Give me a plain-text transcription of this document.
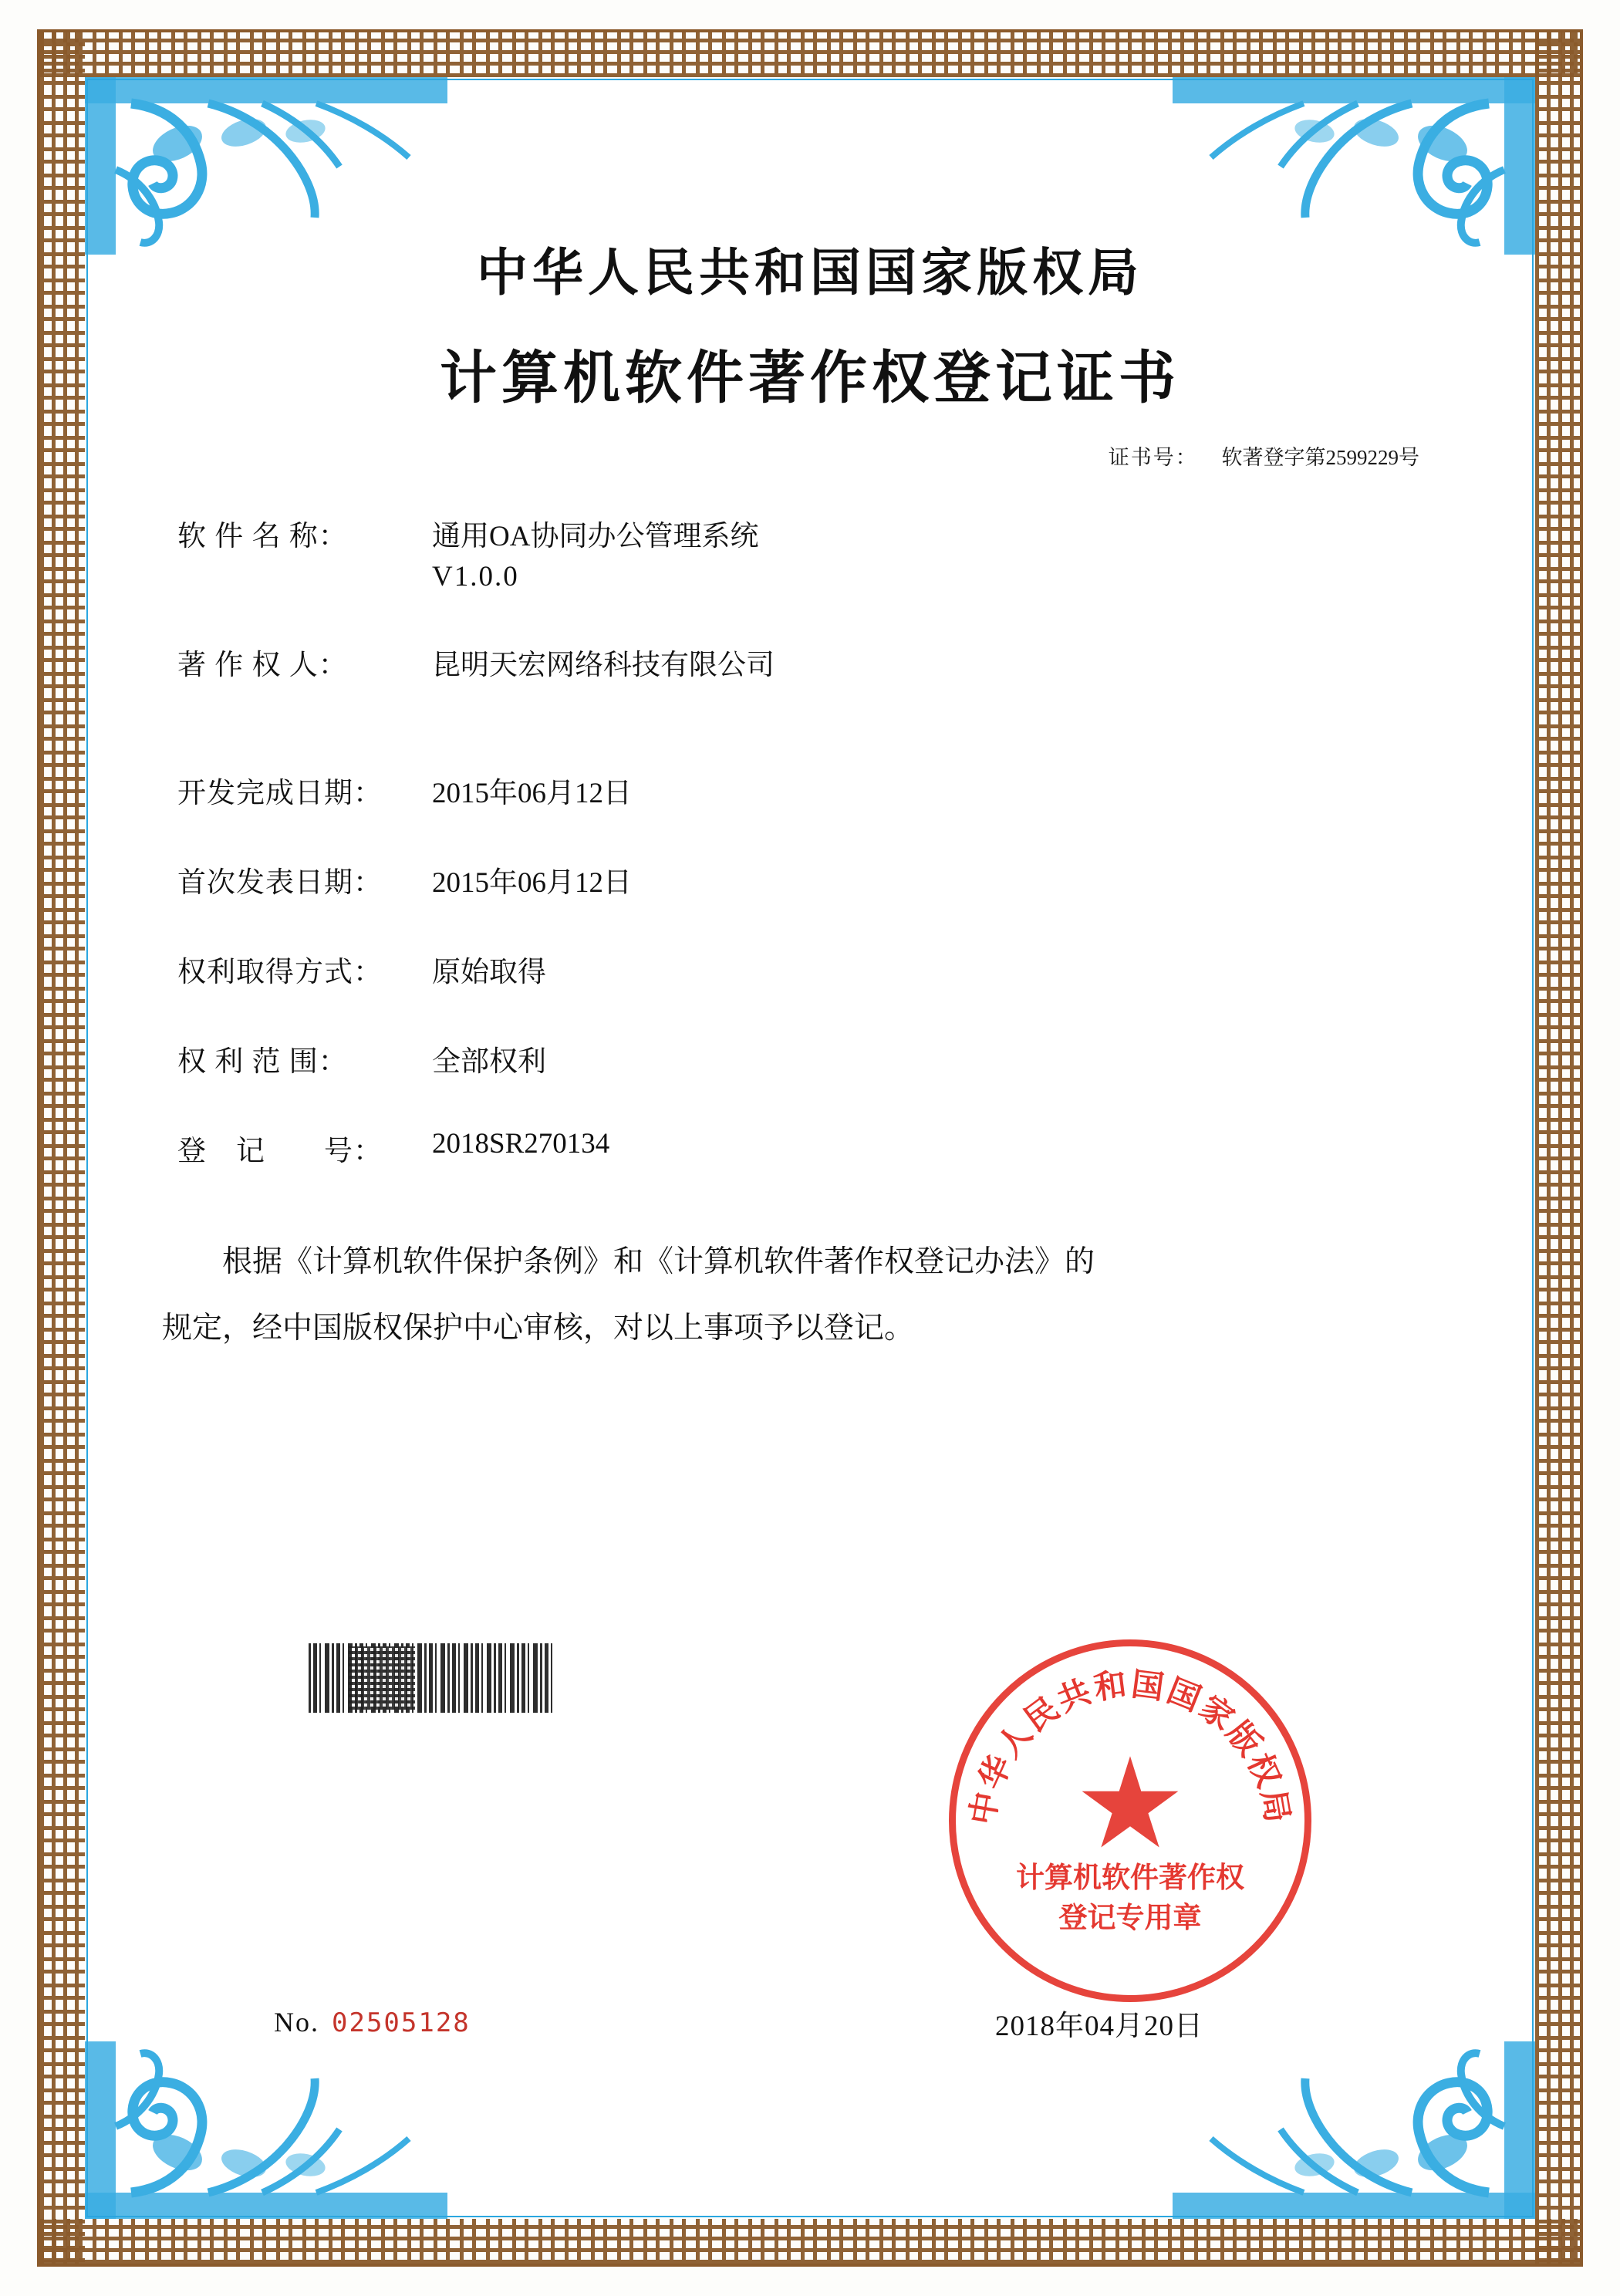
中华人民共和国国家版权局
计算机软件著作权登记证书
证书号： 软著登字第2599229号
软 件 名 称：	通用OA协同办公管理系统
V1.0.0
著 作 权 人：	昆明天宏网络科技有限公司
开发完成日期：	2015年06月12日
首次发表日期：	2015年06月12日
权利取得方式：	原始取得
权 利 范 围：	全部权利
登　记　　号：	2018SR270134
根据《计算机软件保护条例》和《计算机软件著作权登记办法》的
规定，经中国版权保护中心审核，对以上事项予以登记。
中华人民共和国国家版权局
计算机软件著作权
登记专用章
No. 02505128	2018年04月20日
